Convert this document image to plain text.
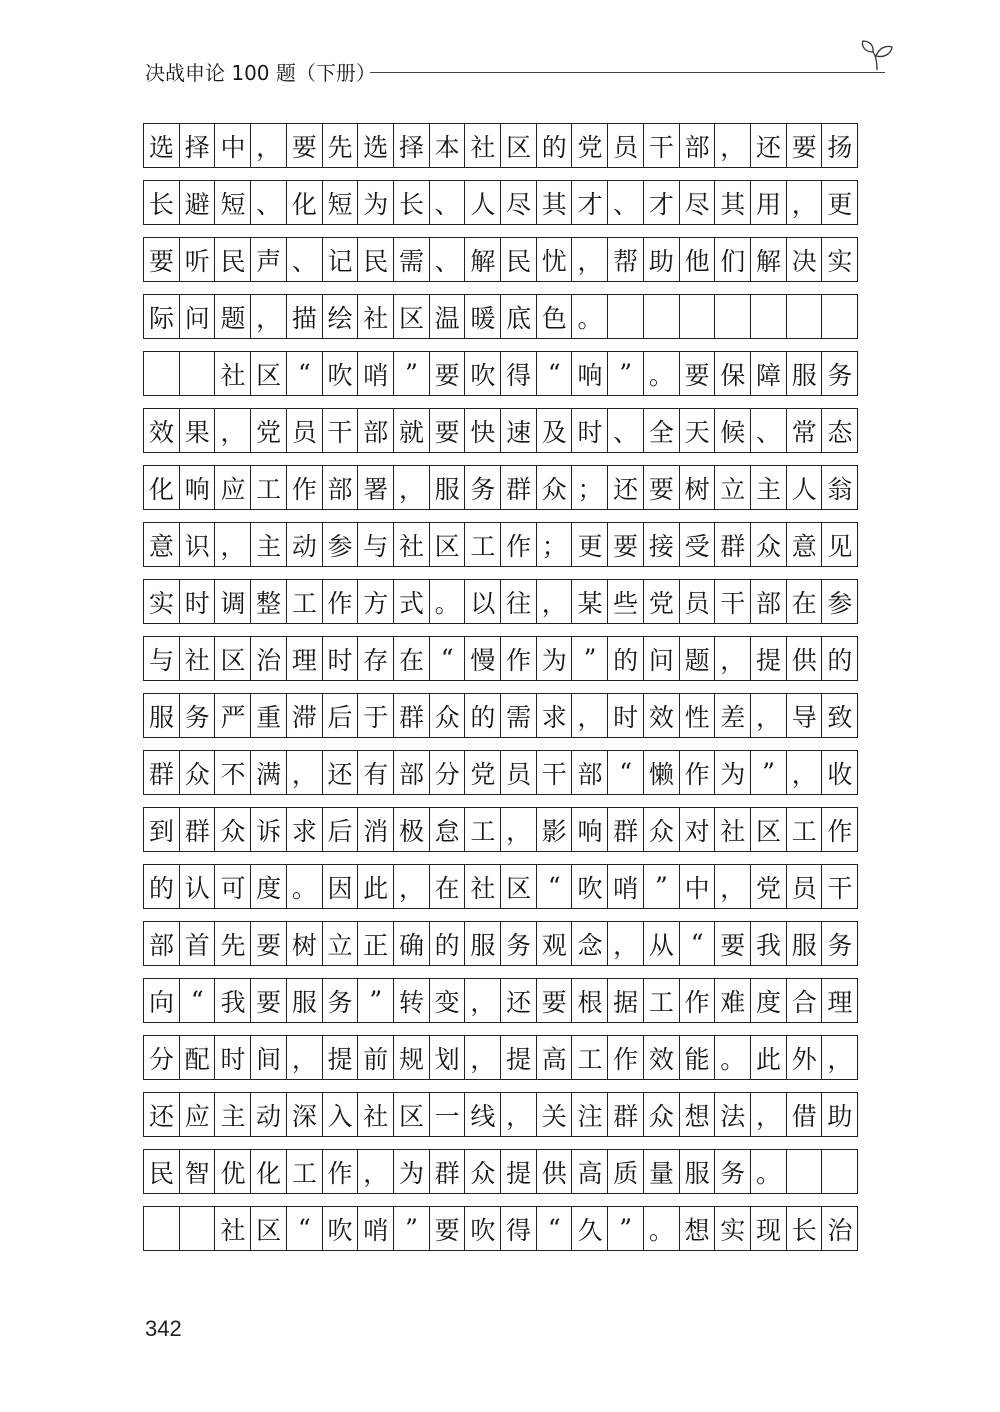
决战申论 100 题（下册）
选 择 中 ， 要 先 选 择 本 社 区 的 党 员 干 部 ， 还 要 扬
长 避 短 、 化 短 为 长 、 人 尽 其 才 、 才 尽 其 用 ， 更
要 听 民 声 、 记 民 需 、 解 民 忧 ， 帮 助 他 们 解 决 实
际 问 题 ， 描 绘 社 区 温 暖 底 色 。
社 区 “ 吹 哨 ” 要 吹 得 “ 响 ” 。 要 保 障 服 务
效 果 ， 党 员 干 部 就 要 快 速 及 时 、 全 天 候 、 常 态
化 响 应 工 作 部 署 ， 服 务 群 众 ； 还 要 树 立 主 人 翁
意 识 ， 主 动 参 与 社 区 工 作 ； 更 要 接 受 群 众 意 见
实 时 调 整 工 作 方 式 。 以 往 ， 某 些 党 员 干 部 在 参
与 社 区 治 理 时 存 在 “ 慢 作 为 ” 的 问 题 ， 提 供 的
服 务 严 重 滞 后 于 群 众 的 需 求 ， 时 效 性 差 ， 导 致
群 众 不 满 ， 还 有 部 分 党 员 干 部 “ 懒 作 为 ” ， 收
到 群 众 诉 求 后 消 极 怠 工 ， 影 响 群 众 对 社 区 工 作
的 认 可 度 。 因 此 ， 在 社 区 “ 吹 哨 ” 中 ， 党 员 干
部 首 先 要 树 立 正 确 的 服 务 观 念 ， 从 “ 要 我 服 务
向 “ 我 要 服 务 ” 转 变 ， 还 要 根 据 工 作 难 度 合 理
分 配 时 间 ， 提 前 规 划 ， 提 高 工 作 效 能 。 此 外 ，
还 应 主 动 深 入 社 区 一 线 ， 关 注 群 众 想 法 ， 借 助
民 智 优 化 工 作 ， 为 群 众 提 供 高 质 量 服 务 。
社 区 “ 吹 哨 ” 要 吹 得 “ 久 ” 。 想 实 现 长 治
342
